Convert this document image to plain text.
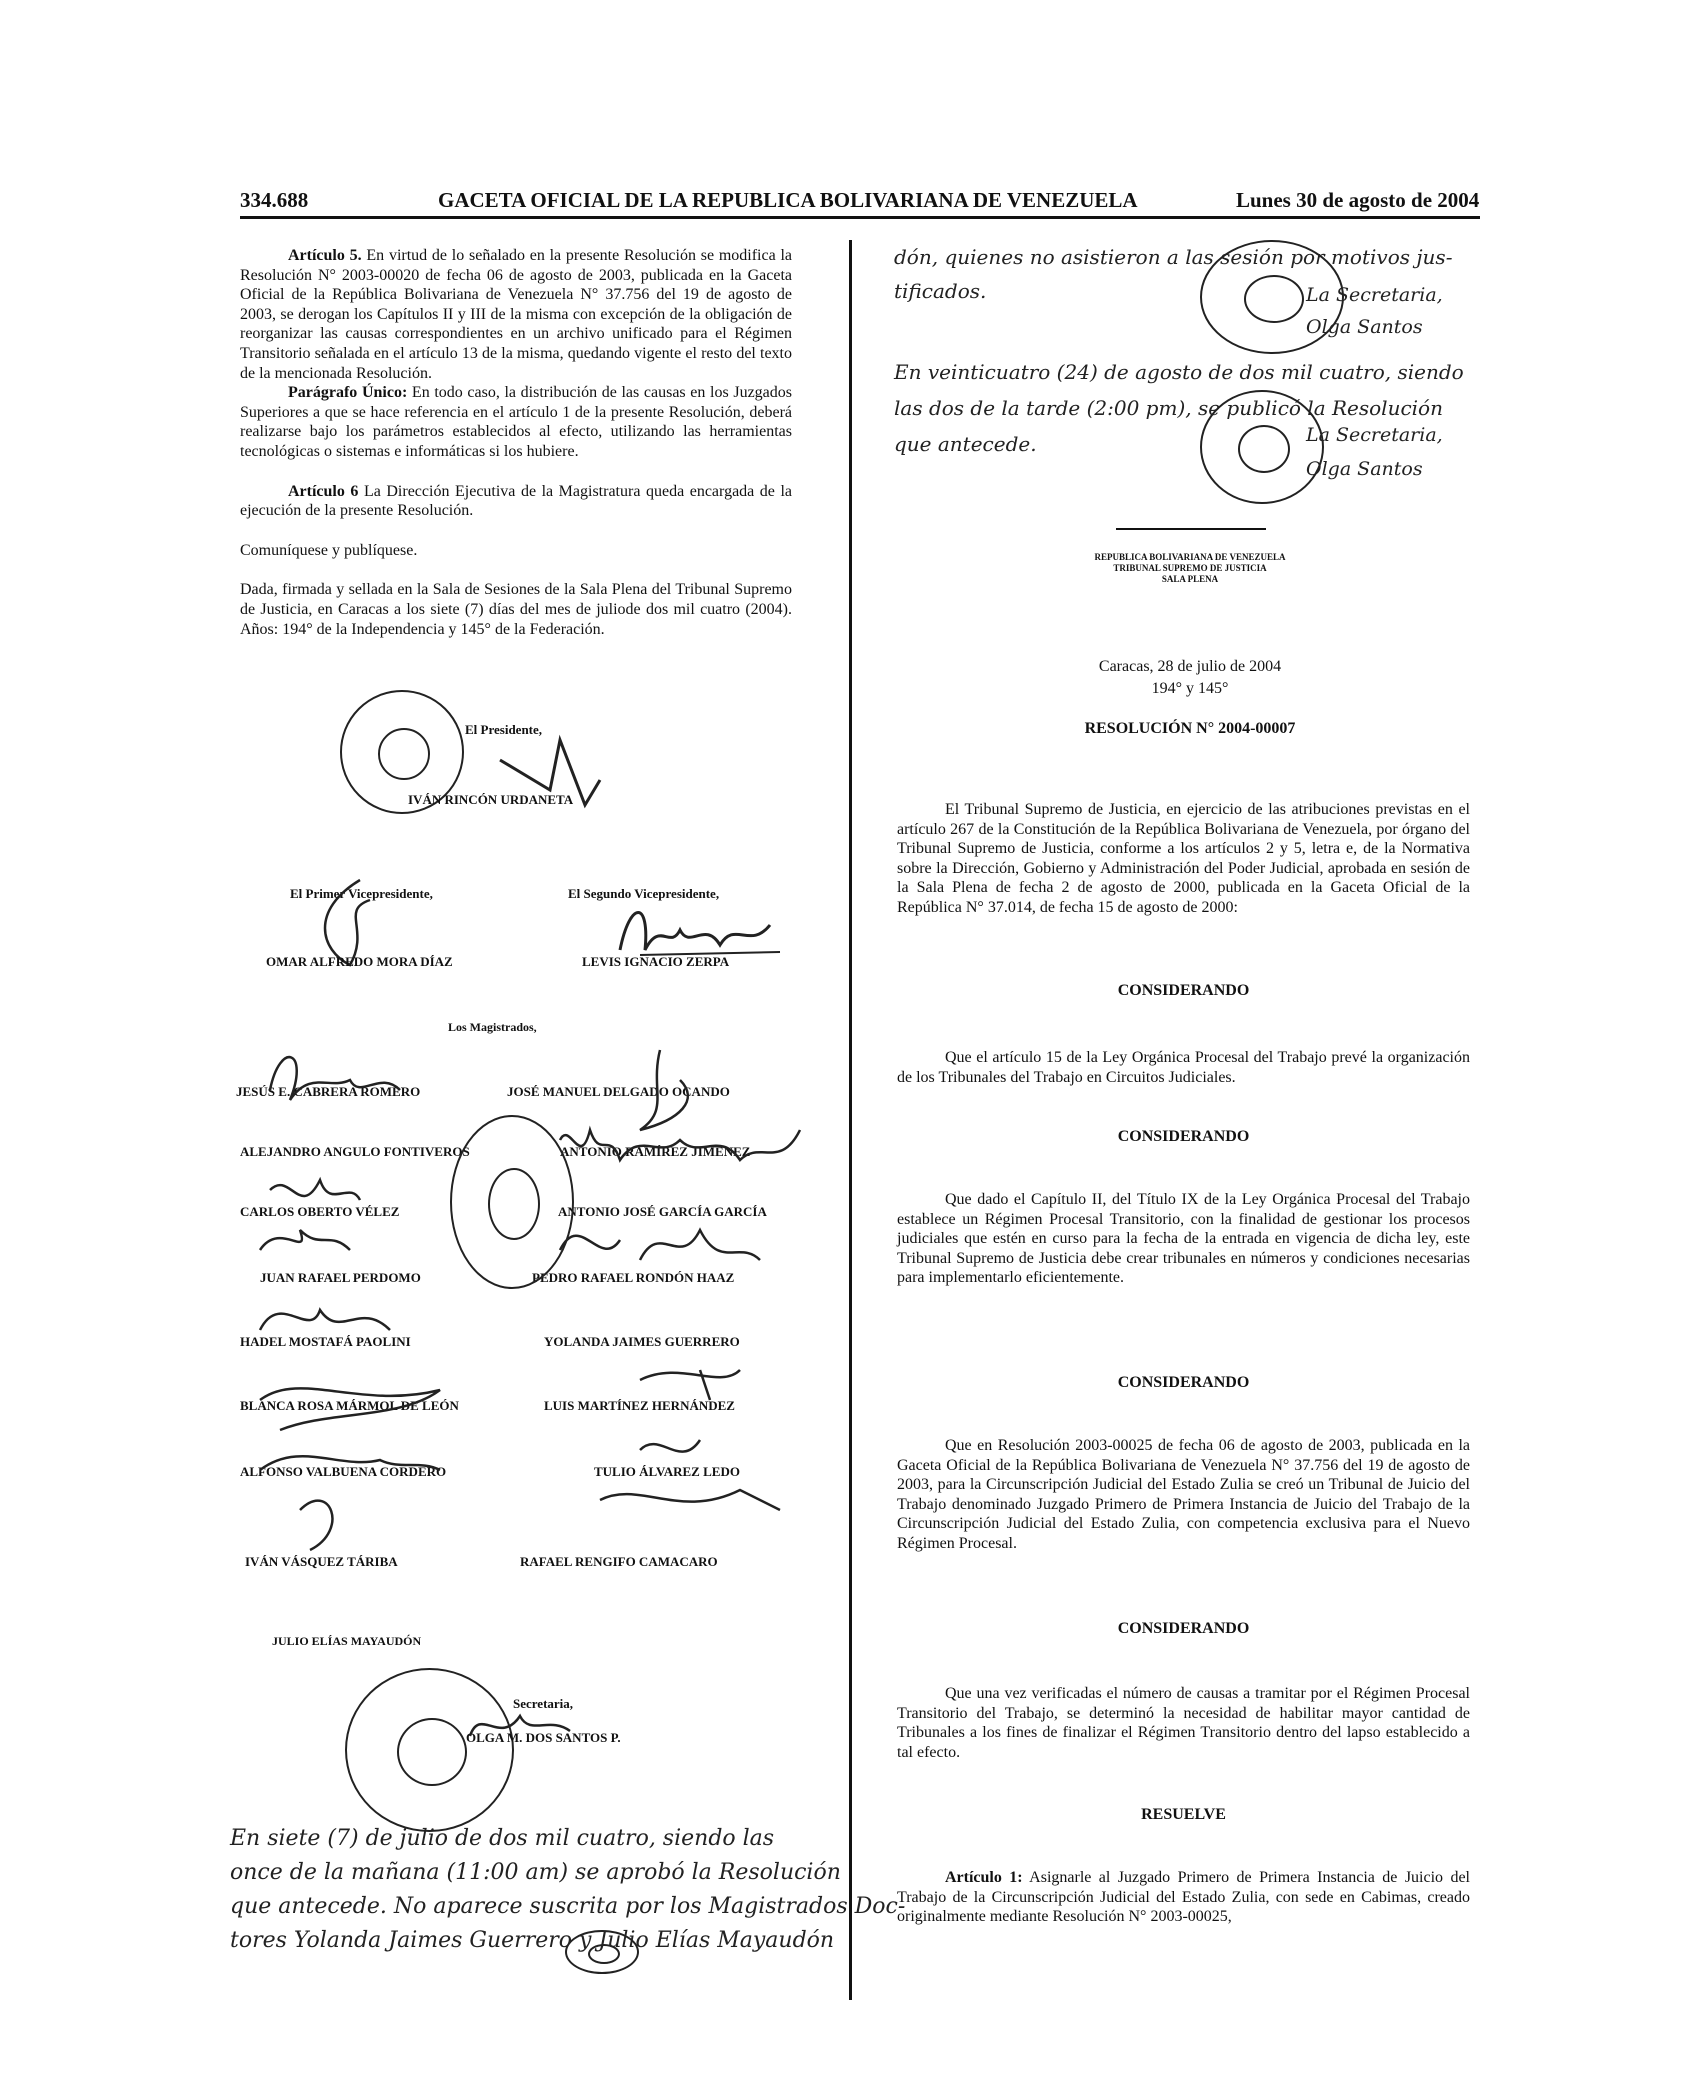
334.688	GACETA OFICIAL DE LA REPUBLICA BOLIVARIANA DE VENEZUELA	Lunes 30 de agosto de 2004

Artículo 5. En virtud de lo señalado en la presente Resolución se modifica la Resolución N° 2003-00020 de fecha 06 de agosto de 2003, publicada en la Gaceta Oficial de la República Bolivariana de Venezuela N° 37.756 del 19 de agosto de 2003, se derogan los Capítulos II y III de la misma con excepción de la obligación de reorganizar las causas correspondientes en un archivo unificado para el Régimen Transitorio señalada en el artículo 13 de la misma, quedando vigente el resto del texto de la mencionada Resolución.

Parágrafo Único: En todo caso, la distribución de las causas en los Juzgados Superiores a que se hace referencia en el artículo 1 de la presente Resolución, deberá realizarse bajo los parámetros establecidos al efecto, utilizando las herramientas tecnológicas o sistemas e informáticas si los hubiere.

Artículo 6 La Dirección Ejecutiva de la Magistratura queda encargada de la ejecución de la presente Resolución.

Comuníquese y publíquese.

Dada, firmada y sellada en la Sala de Sesiones de la Sala Plena del Tribunal Supremo de Justicia, en Caracas a los siete (7) días del mes de juliode dos mil cuatro (2004). Años: 194° de la Independencia y 145° de la Federación.

El Presidente,
IVÁN RINCÓN URDANETA
El Primer Vicepresidente,	El Segundo Vicepresidente,
OMAR ALFREDO MORA DÍAZ	LEVIS IGNACIO ZERPA
Los Magistrados,
JESÚS E. CABRERA ROMERO	JOSÉ MANUEL DELGADO OCANDO
ALEJANDRO ANGULO FONTIVEROS	ANTONIO RAMÍREZ JIMÉNEZ
CARLOS OBERTO VÉLEZ	ANTONIO JOSÉ GARCÍA GARCÍA
JUAN RAFAEL PERDOMO	PEDRO RAFAEL RONDÓN HAAZ
HADEL MOSTAFÁ PAOLINI	YOLANDA JAIMES GUERRERO
BLANCA ROSA MÁRMOL DE LEÓN	LUIS MARTÍNEZ HERNÁNDEZ
ALFONSO VALBUENA CORDERO	TULIO ÁLVAREZ LEDO
IVÁN VÁSQUEZ TÁRIBA	RAFAEL RENGIFO CAMACARO
JULIO ELÍAS MAYAUDÓN
Secretaria,
OLGA M. DOS SANTOS P.
En siete (7) de julio de dos mil cuatro, siendo las
once de la mañana (11:00 am) se aprobó la Resolución
que antecede. No aparece suscrita por los Magistrados Doc-
tores Yolanda Jaimes Guerrero y Julio Elías Mayaudón
dón, quienes no asistieron a las sesión por motivos jus-
tificados.	La Secretaria,
Olga Santos
En veinticuatro (24) de agosto de dos mil cuatro, siendo
las dos de la tarde (2:00 pm), se publicó la Resolución
que antecede.	La Secretaria,
Olga Santos
REPUBLICA BOLIVARIANA DE VENEZUELA
TRIBUNAL SUPREMO DE JUSTICIA
SALA PLENA
Caracas, 28 de julio de 2004
194° y 145°
RESOLUCIÓN N° 2004-00007

El Tribunal Supremo de Justicia, en ejercicio de las atribuciones previstas en el artículo 267 de la Constitución de la República Bolivariana de Venezuela, por órgano del Tribunal Supremo de Justicia, conforme a los artículos 2 y 5, letra e, de la Normativa sobre la Dirección, Gobierno y Administración del Poder Judicial, aprobada en sesión de la Sala Plena de fecha 2 de agosto de 2000, publicada en la Gaceta Oficial de la República N° 37.014, de fecha 15 de agosto de 2000:

CONSIDERANDO

Que el artículo 15 de la Ley Orgánica Procesal del Trabajo prevé la organización de los Tribunales del Trabajo en Circuitos Judiciales.

CONSIDERANDO

Que dado el Capítulo II, del Título IX de la Ley Orgánica Procesal del Trabajo establece un Régimen Procesal Transitorio, con la finalidad de gestionar los procesos judiciales que estén en curso para la fecha de la entrada en vigencia de dicha ley, este Tribunal Supremo de Justicia debe crear tribunales en números y condiciones necesarias para implementarlo eficientemente.

CONSIDERANDO

Que en Resolución 2003-00025 de fecha 06 de agosto de 2003, publicada en la Gaceta Oficial de la República Bolivariana de Venezuela N° 37.756 del 19 de agosto de 2003, para la Circunscripción Judicial del Estado Zulia se creó un Tribunal de Juicio del Trabajo denominado Juzgado Primero de Primera Instancia de Juicio del Trabajo de la Circunscripción Judicial del Estado Zulia, con competencia exclusiva para el Nuevo Régimen Procesal.

CONSIDERANDO

Que una vez verificadas el número de causas a tramitar por el Régimen Procesal Transitorio del Trabajo, se determinó la necesidad de habilitar mayor cantidad de Tribunales a los fines de finalizar el Régimen Transitorio dentro del lapso establecido a tal efecto.

RESUELVE

Artículo 1: Asignarle al Juzgado Primero de Primera Instancia de Juicio del Trabajo de la Circunscripción Judicial del Estado Zulia, con sede en Cabimas, creado originalmente mediante Resolución N° 2003-00025,
